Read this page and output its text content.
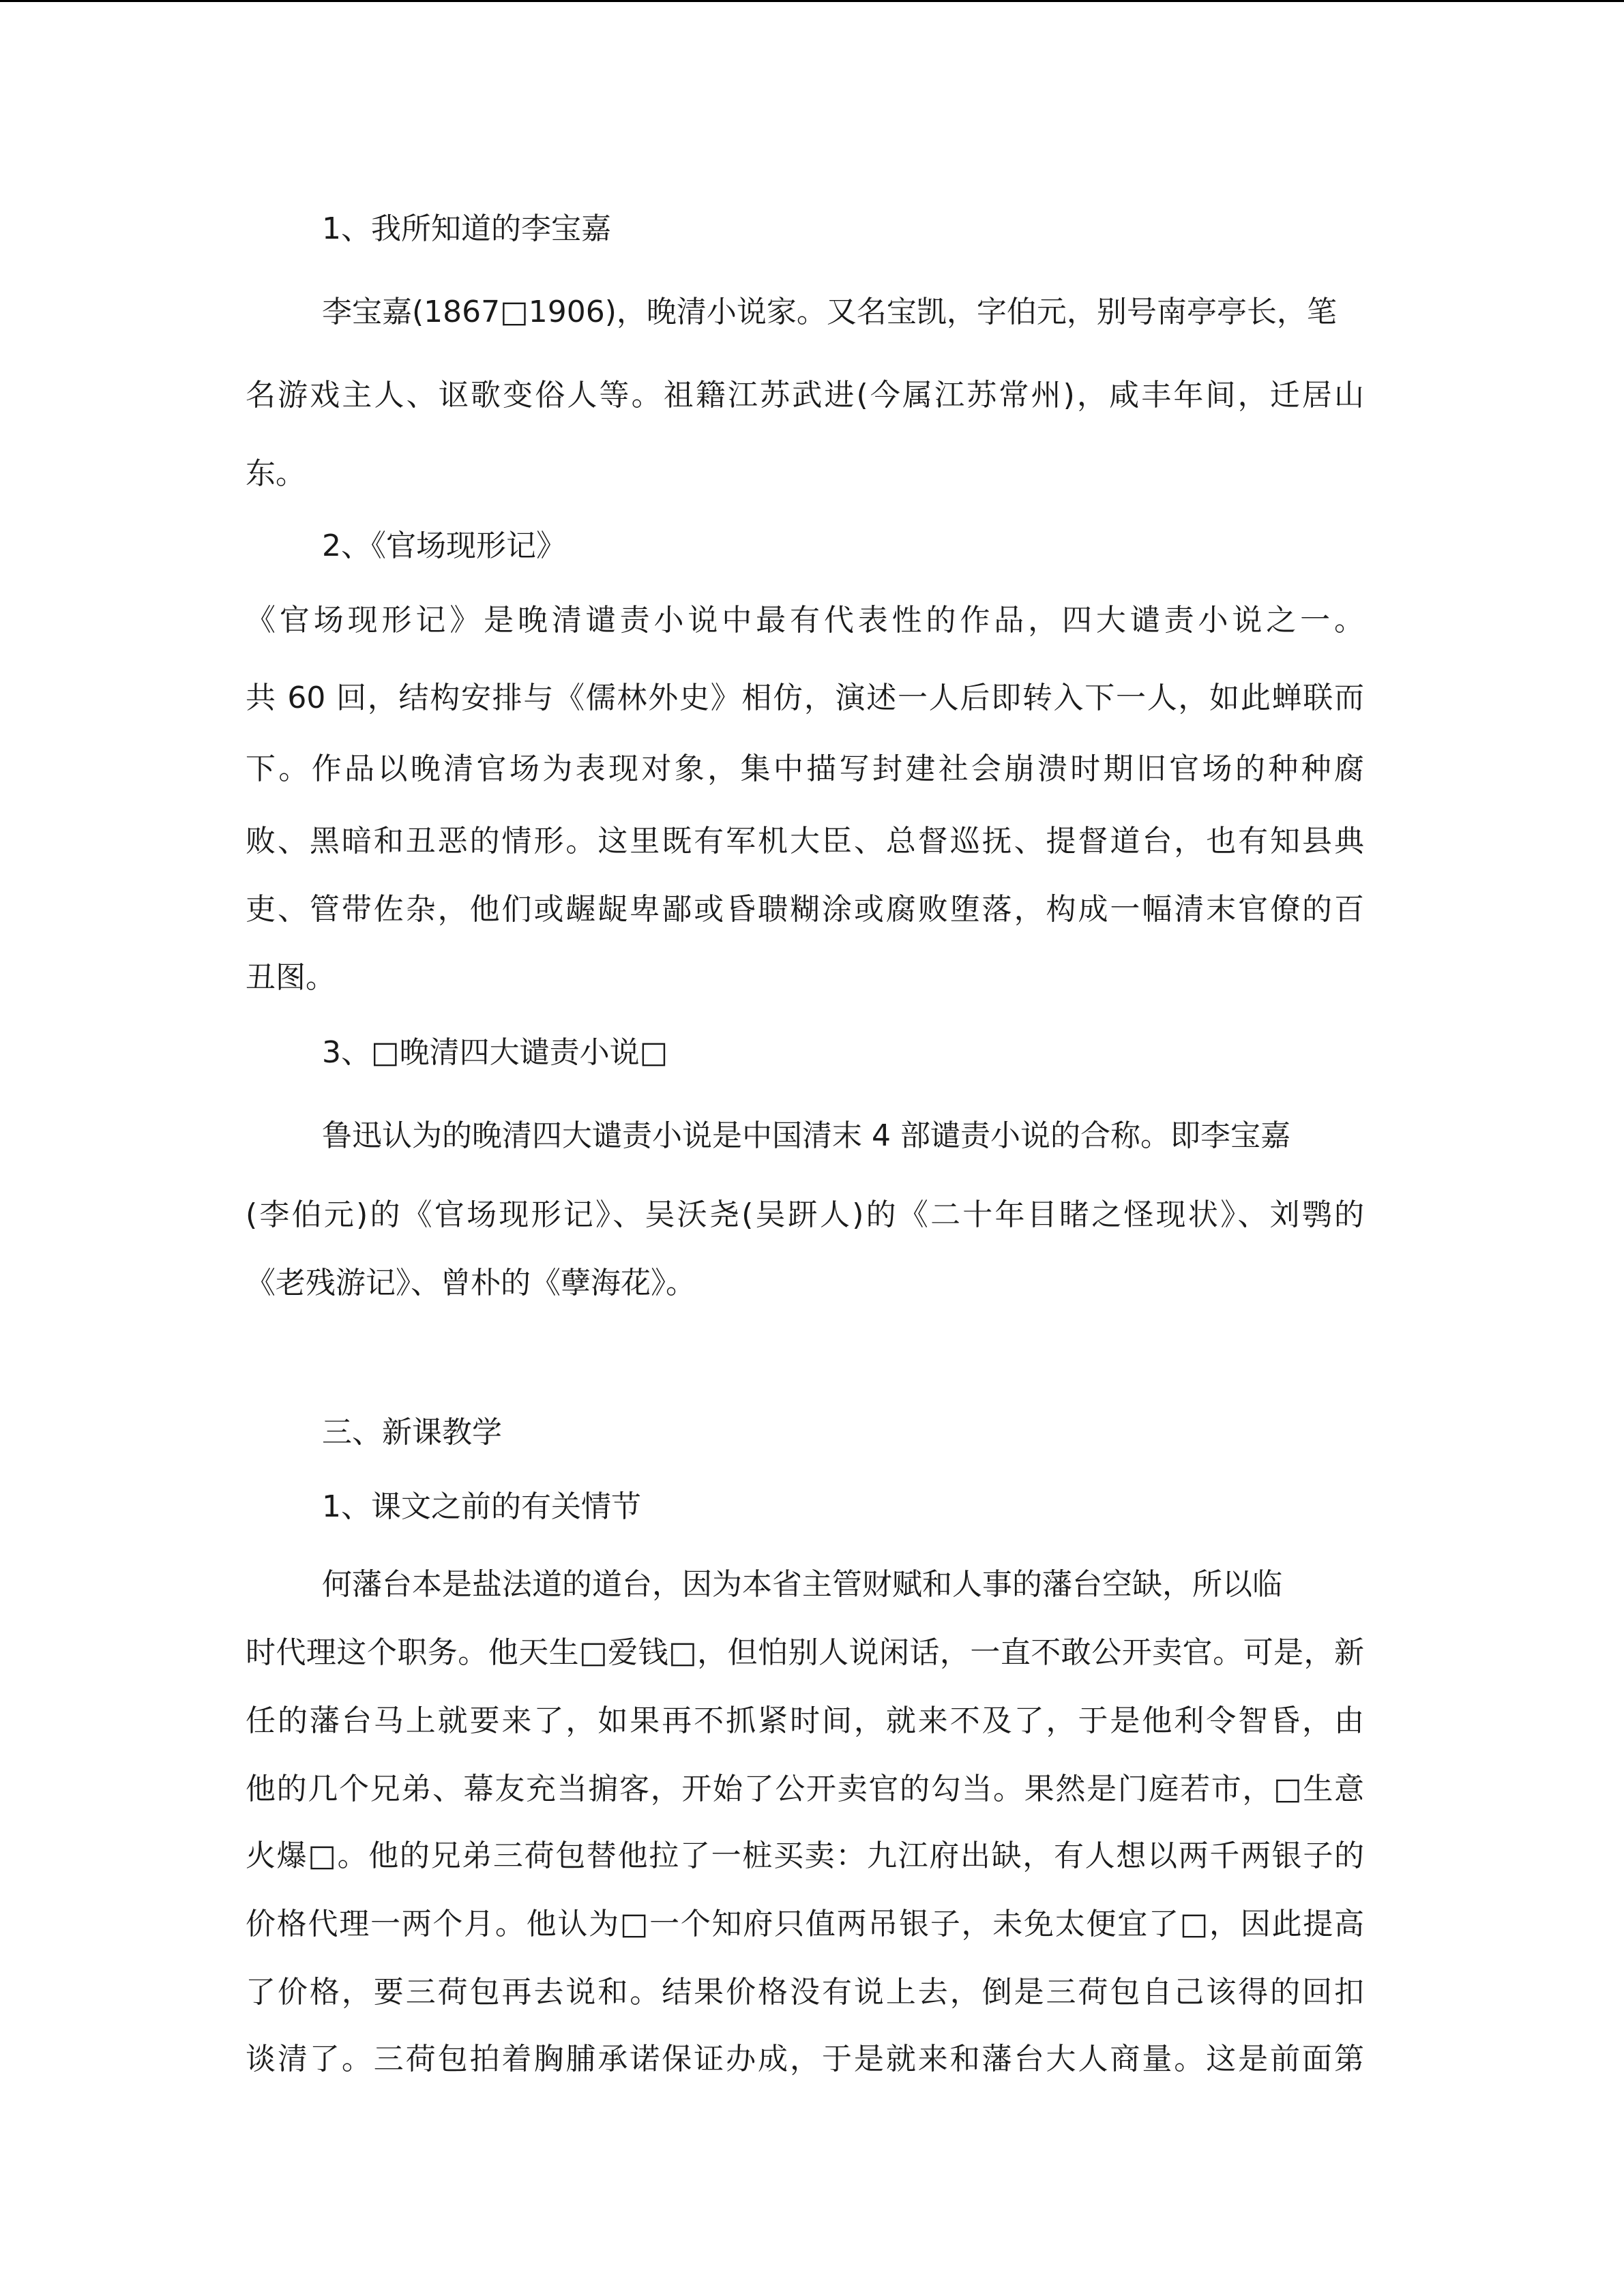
1、我所知道的李宝嘉
李宝嘉(1867□1906)，晚清小说家。又名宝凯，字伯元，别号南亭亭长，笔
名游戏主人、讴歌变俗人等。祖籍江苏武进(今属江苏常州)，咸丰年间，迁居山
东。
2、《官场现形记》
《官场现形记》是晚清谴责小说中最有代表性的作品，四大谴责小说之一。
共 60 回，结构安排与《儒林外史》相仿，演述一人后即转入下一人，如此蝉联而
下。作品以晚清官场为表现对象，集中描写封建社会崩溃时期旧官场的种种腐
败、黑暗和丑恶的情形。这里既有军机大臣、总督巡抚、提督道台，也有知县典
吏、管带佐杂，他们或龌龊卑鄙或昏聩糊涂或腐败堕落，构成一幅清末官僚的百
丑图。
3、□晚清四大谴责小说□
鲁迅认为的晚清四大谴责小说是中国清末 4 部谴责小说的合称。即李宝嘉
(李伯元)的《官场现形记》、吴沃尧(吴趼人)的《二十年目睹之怪现状》、刘鹗的
《老残游记》、曾朴的《孽海花》。
三、新课教学
1、课文之前的有关情节
何藩台本是盐法道的道台，因为本省主管财赋和人事的藩台空缺，所以临
时代理这个职务。他天生□爱钱□，但怕别人说闲话，一直不敢公开卖官。可是，新
任的藩台马上就要来了，如果再不抓紧时间，就来不及了，于是他利令智昏，由
他的几个兄弟、幕友充当掮客，开始了公开卖官的勾当。果然是门庭若市，□生意
火爆□。他的兄弟三荷包替他拉了一桩买卖：九江府出缺，有人想以两千两银子的
价格代理一两个月。他认为□一个知府只值两吊银子，未免太便宜了□，因此提高
了价格，要三荷包再去说和。结果价格没有说上去，倒是三荷包自己该得的回扣
谈清了。三荷包拍着胸脯承诺保证办成，于是就来和藩台大人商量。这是前面第
